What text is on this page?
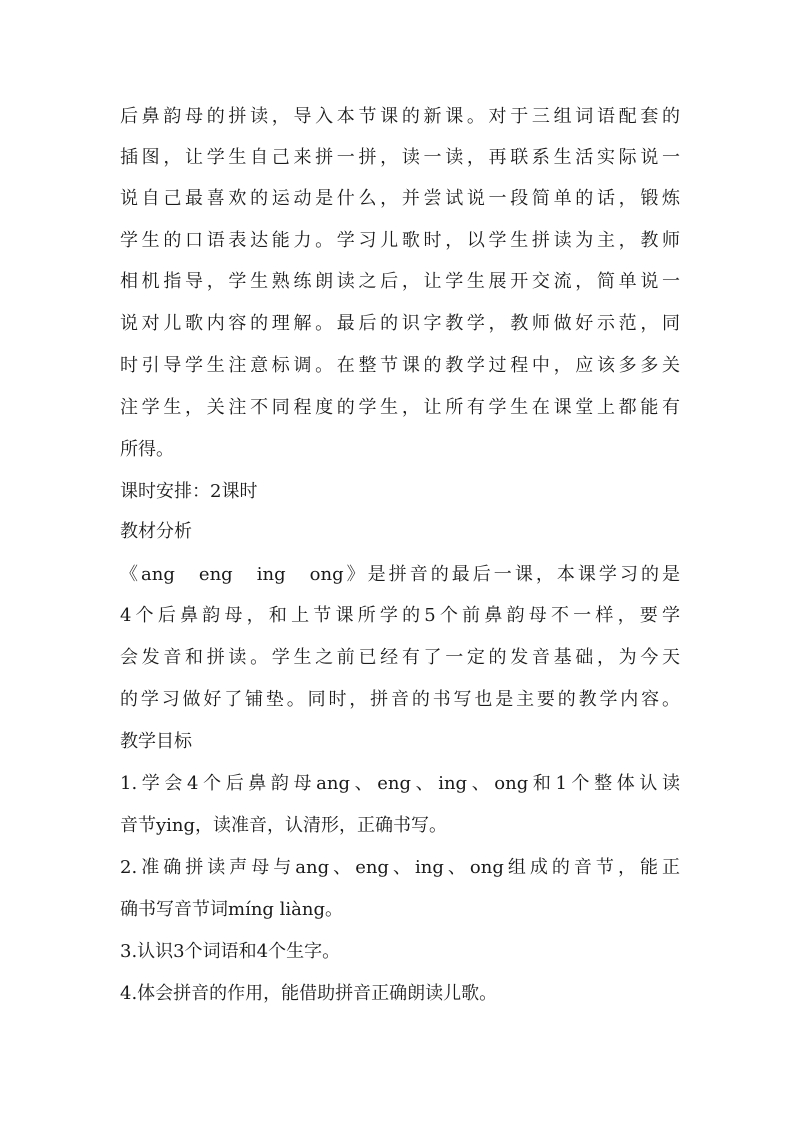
后鼻韵母的拼读，导入本节课的新课。对于三组词语配套的
插图，让学生自己来拼一拼，读一读，再联系生活实际说一
说自己最喜欢的运动是什么，并尝试说一段简单的话，锻炼
学生的口语表达能力。学习儿歌时，以学生拼读为主，教师
相机指导，学生熟练朗读之后，让学生展开交流，简单说一
说对儿歌内容的理解。最后的识字教学，教师做好示范，同
时引导学生注意标调。在整节课的教学过程中，应该多多关
注学生，关注不同程度的学生，让所有学生在课堂上都能有
所得。
课时安排：2课时
教材分析
《ang　eng　ing　ong》是拼音的最后一课，本课学习的是
4个后鼻韵母，和上节课所学的5个前鼻韵母不一样，要学
会发音和拼读。学生之前已经有了一定的发音基础，为今天
的学习做好了铺垫。同时，拼音的书写也是主要的教学内容。
教学目标
1.学会4个后鼻韵母ang、eng、ing、ong和1个整体认读
音节ying，读准音，认清形，正确书写。
2.准确拼读声母与ang、eng、ing、ong组成的音节，能正
确书写音节词míng liàng。
3.认识3个词语和4个生字。
4.体会拼音的作用，能借助拼音正确朗读儿歌。
